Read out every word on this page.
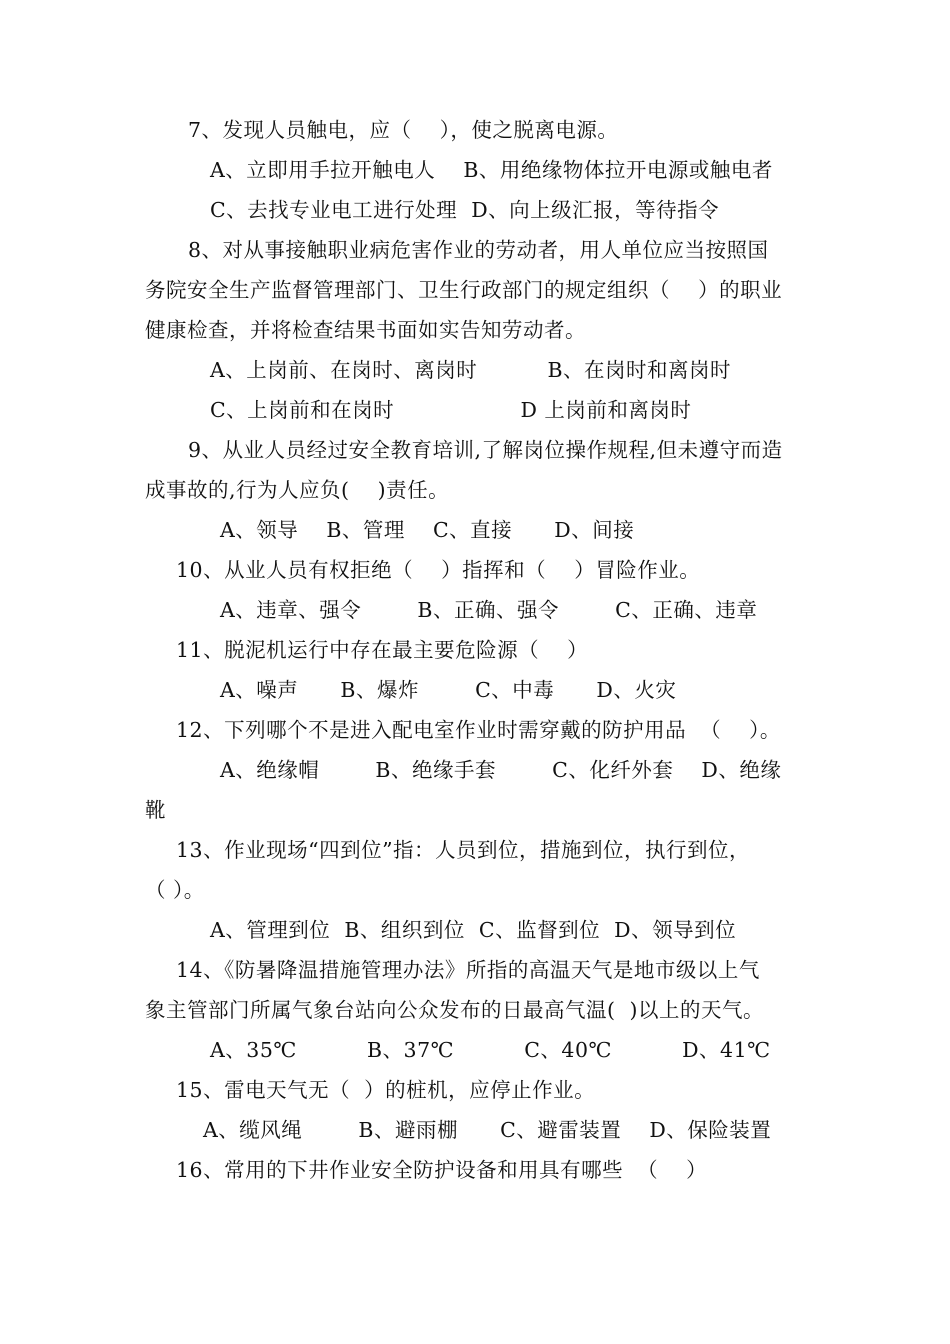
7、发现人员触电，应（    ），使之脱离电源。
A、立即用手拉开触电人    B、用绝缘物体拉开电源或触电者
C、去找专业电工进行处理  D、向上级汇报，等待指令
8、对从事接触职业病危害作业的劳动者，用人单位应当按照国
务院安全生产监督管理部门、卫生行政部门的规定组织（    ）的职业
健康检查，并将检查结果书面如实告知劳动者。
A、上岗前、在岗时、离岗时          B、在岗时和离岗时
C、上岗前和在岗时                  D 上岗前和离岗时
9、从业人员经过安全教育培训,了解岗位操作规程,但未遵守而造
成事故的,行为人应负(    )责任。
A、领导    B、管理    C、直接      D、间接
10、从业人员有权拒绝（    ）指挥和（    ）冒险作业。
A、违章、强令        B、正确、强令        C、正确、违章
11、脱泥机运行中存在最主要危险源（    ）
A、噪声      B、爆炸        C、中毒      D、火灾
12、下列哪个不是进入配电室作业时需穿戴的防护用品  （    ）。
A、绝缘帽        B、绝缘手套        C、化纤外套    D、绝缘
靴
13、作业现场“四到位”指：人员到位，措施到位，执行到位，
（ ）。
A、管理到位  B、组织到位  C、监督到位  D、领导到位
14、《防暑降温措施管理办法》所指的高温天气是地市级以上气
象主管部门所属气象台站向公众发布的日最高气温(  )以上的天气。
A、35℃          B、37℃          C、40℃          D、41℃
15、雷电天气无（  ）的桩机，应停止作业。
A、缆风绳        B、避雨棚      C、避雷装置    D、保险装置
16、常用的下井作业安全防护设备和用具有哪些  （    ）
